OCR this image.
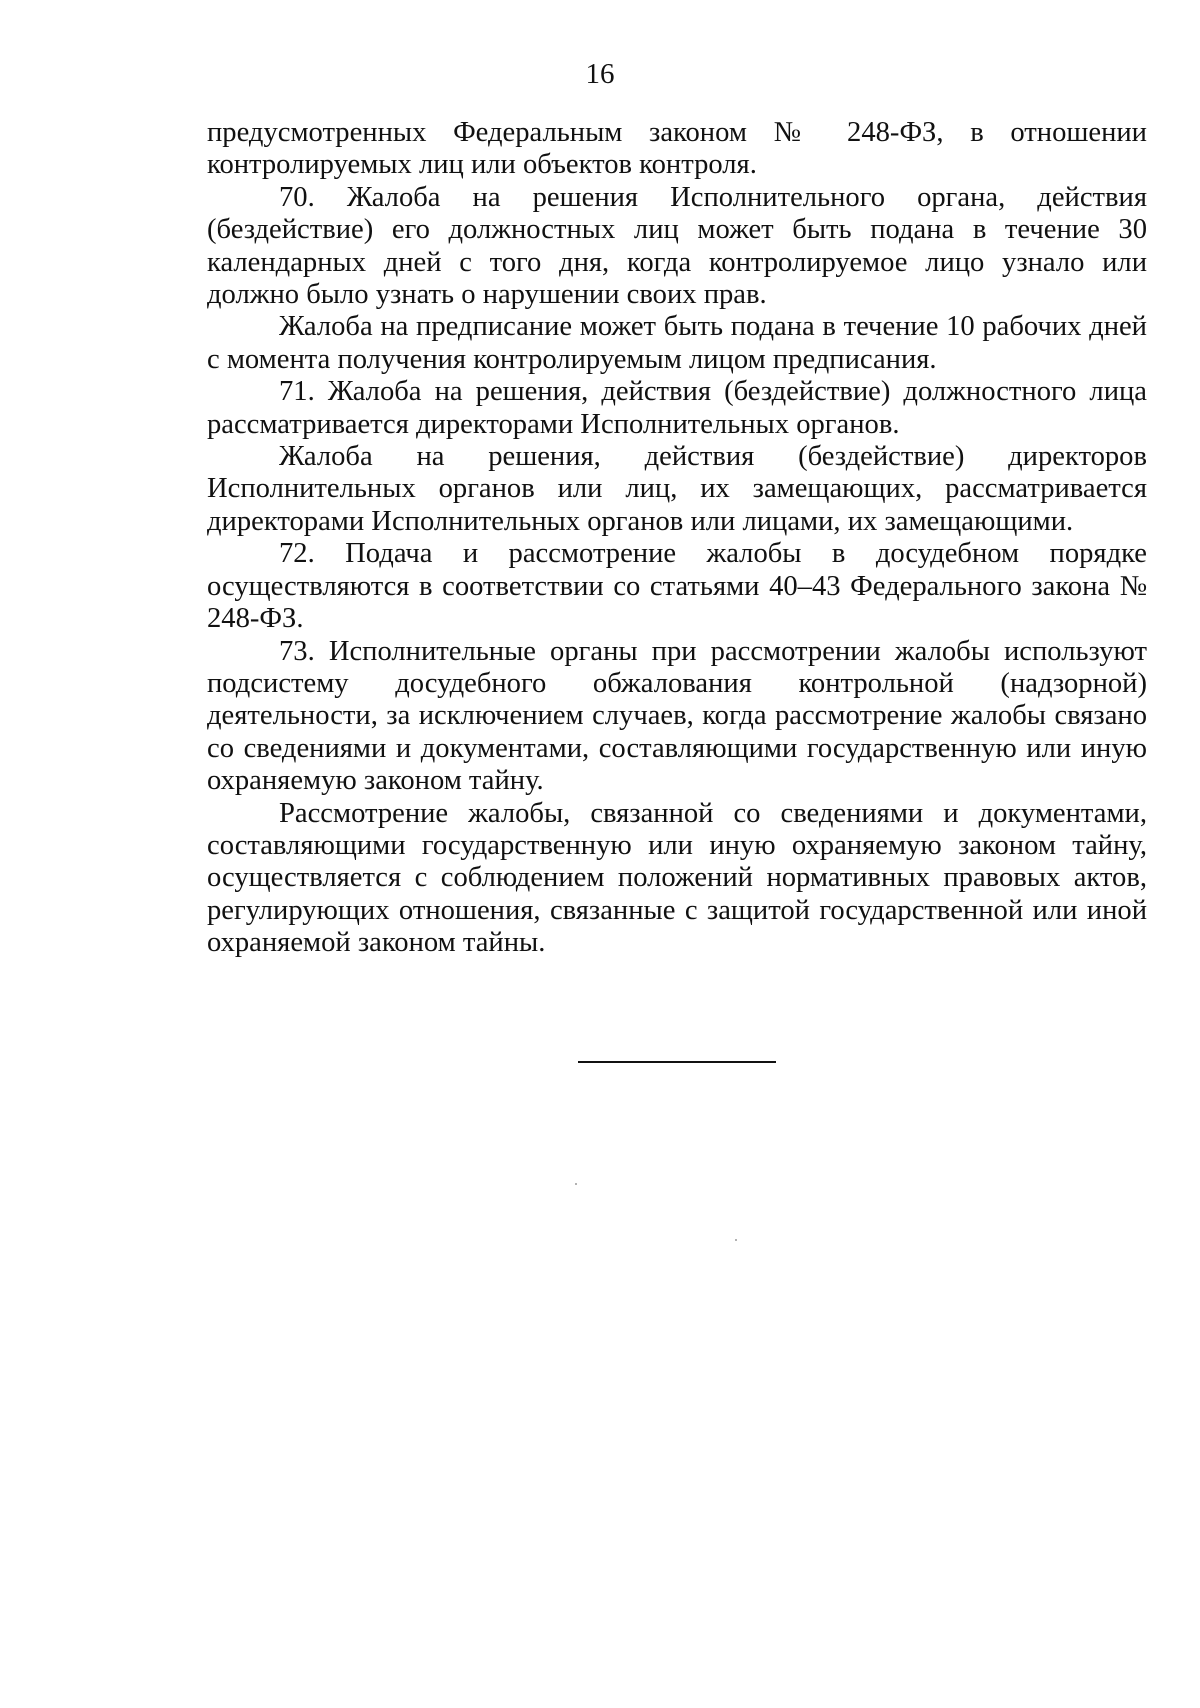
16

предусмотренных Федеральным законом № 248-ФЗ, в отношении контролируемых лиц или объектов контроля.

70. Жалоба на решения Исполнительного органа, действия (бездействие) его должностных лиц может быть подана в течение 30 календарных дней с того дня, когда контролируемое лицо узнало или должно было узнать о нарушении своих прав.

Жалоба на предписание может быть подана в течение 10 рабочих дней с момента получения контролируемым лицом предписания.

71. Жалоба на решения, действия (бездействие) должностного лица рассматривается директорами Исполнительных органов.

Жалоба на решения, действия (бездействие) директоров Исполнительных органов или лиц, их замещающих, рассматривается директорами Исполнительных органов или лицами, их замещающими.

72. Подача и рассмотрение жалобы в досудебном порядке осуществляются в соответствии со статьями 40–43 Федерального закона № 248-ФЗ.

73. Исполнительные органы при рассмотрении жалобы используют подсистему досудебного обжалования контрольной (надзорной) деятельности, за исключением случаев, когда рассмотрение жалобы связано со сведениями и документами, составляющими государственную или иную охраняемую законом тайну.

Рассмотрение жалобы, связанной со сведениями и документами, составляющими государственную или иную охраняемую законом тайну, осуществляется с соблюдением положений нормативных правовых актов, регулирующих отношения, связанные с защитой государственной или иной охраняемой законом тайны.
